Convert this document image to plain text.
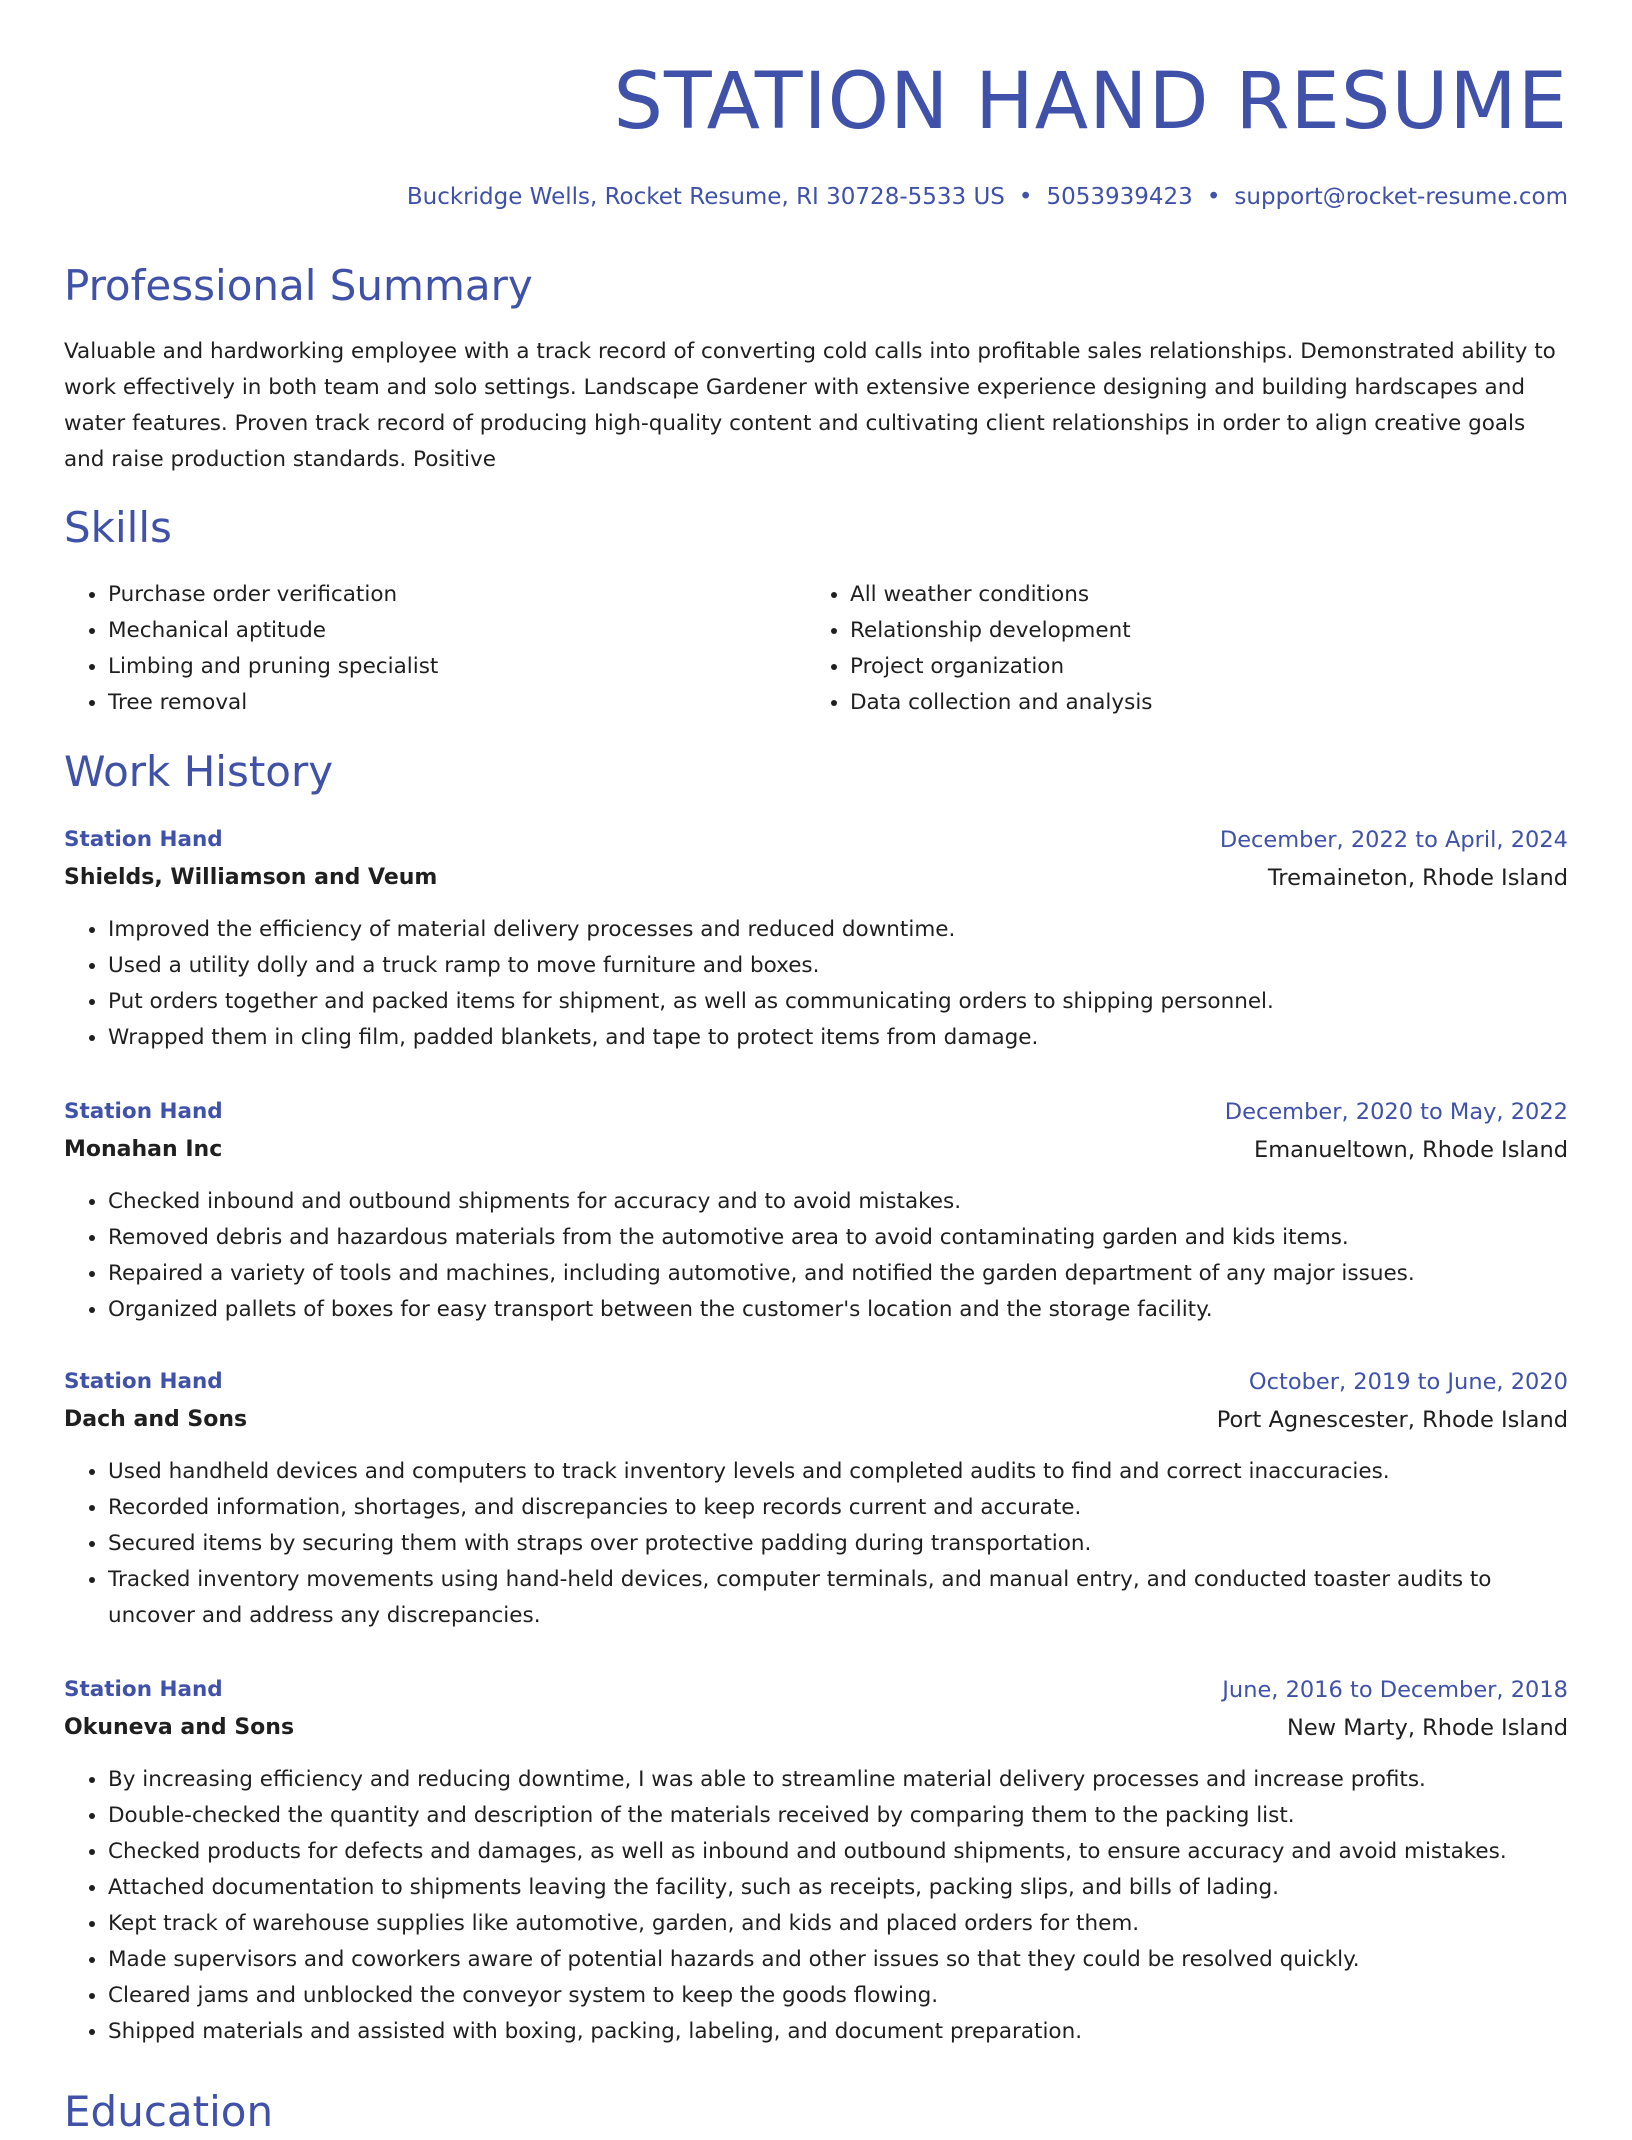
STATION HAND RESUME
Buckridge Wells, Rocket Resume, RI 30728-5533 US • 5053939423 • support@rocket-resume.com
Professional Summary

Valuable and hardworking employee with a track record of converting cold calls into profitable sales relationships. Demonstrated ability to work effectively in both team and solo settings. Landscape Gardener with extensive experience designing and building hardscapes and water features. Proven track record of producing high-quality content and cultivating client relationships in order to align creative goals and raise production standards. Positive

Skills
• Purchase order verification
• Mechanical aptitude
• Limbing and pruning specialist
• Tree removal
• All weather conditions
• Relationship development
• Project organization
• Data collection and analysis
Work History
Station Hand	December, 2022 to April, 2024
Shields, Williamson and Veum	Tremaineton, Rhode Island
• Improved the efficiency of material delivery processes and reduced downtime.
• Used a utility dolly and a truck ramp to move furniture and boxes.
• Put orders together and packed items for shipment, as well as communicating orders to shipping personnel.
• Wrapped them in cling film, padded blankets, and tape to protect items from damage.
Station Hand	December, 2020 to May, 2022
Monahan Inc	Emanueltown, Rhode Island
• Checked inbound and outbound shipments for accuracy and to avoid mistakes.
• Removed debris and hazardous materials from the automotive area to avoid contaminating garden and kids items.
• Repaired a variety of tools and machines, including automotive, and notified the garden department of any major issues.
• Organized pallets of boxes for easy transport between the customer's location and the storage facility.
Station Hand	October, 2019 to June, 2020
Dach and Sons	Port Agnescester, Rhode Island
• Used handheld devices and computers to track inventory levels and completed audits to find and correct inaccuracies.
• Recorded information, shortages, and discrepancies to keep records current and accurate.
• Secured items by securing them with straps over protective padding during transportation.
• Tracked inventory movements using hand-held devices, computer terminals, and manual entry, and conducted toaster audits to uncover and address any discrepancies.
Station Hand	June, 2016 to December, 2018
Okuneva and Sons	New Marty, Rhode Island
• By increasing efficiency and reducing downtime, I was able to streamline material delivery processes and increase profits.
• Double-checked the quantity and description of the materials received by comparing them to the packing list.
• Checked products for defects and damages, as well as inbound and outbound shipments, to ensure accuracy and avoid mistakes.
• Attached documentation to shipments leaving the facility, such as receipts, packing slips, and bills of lading.
• Kept track of warehouse supplies like automotive, garden, and kids and placed orders for them.
• Made supervisors and coworkers aware of potential hazards and other issues so that they could be resolved quickly.
• Cleared jams and unblocked the conveyor system to keep the goods flowing.
• Shipped materials and assisted with boxing, packing, labeling, and document preparation.
Education
